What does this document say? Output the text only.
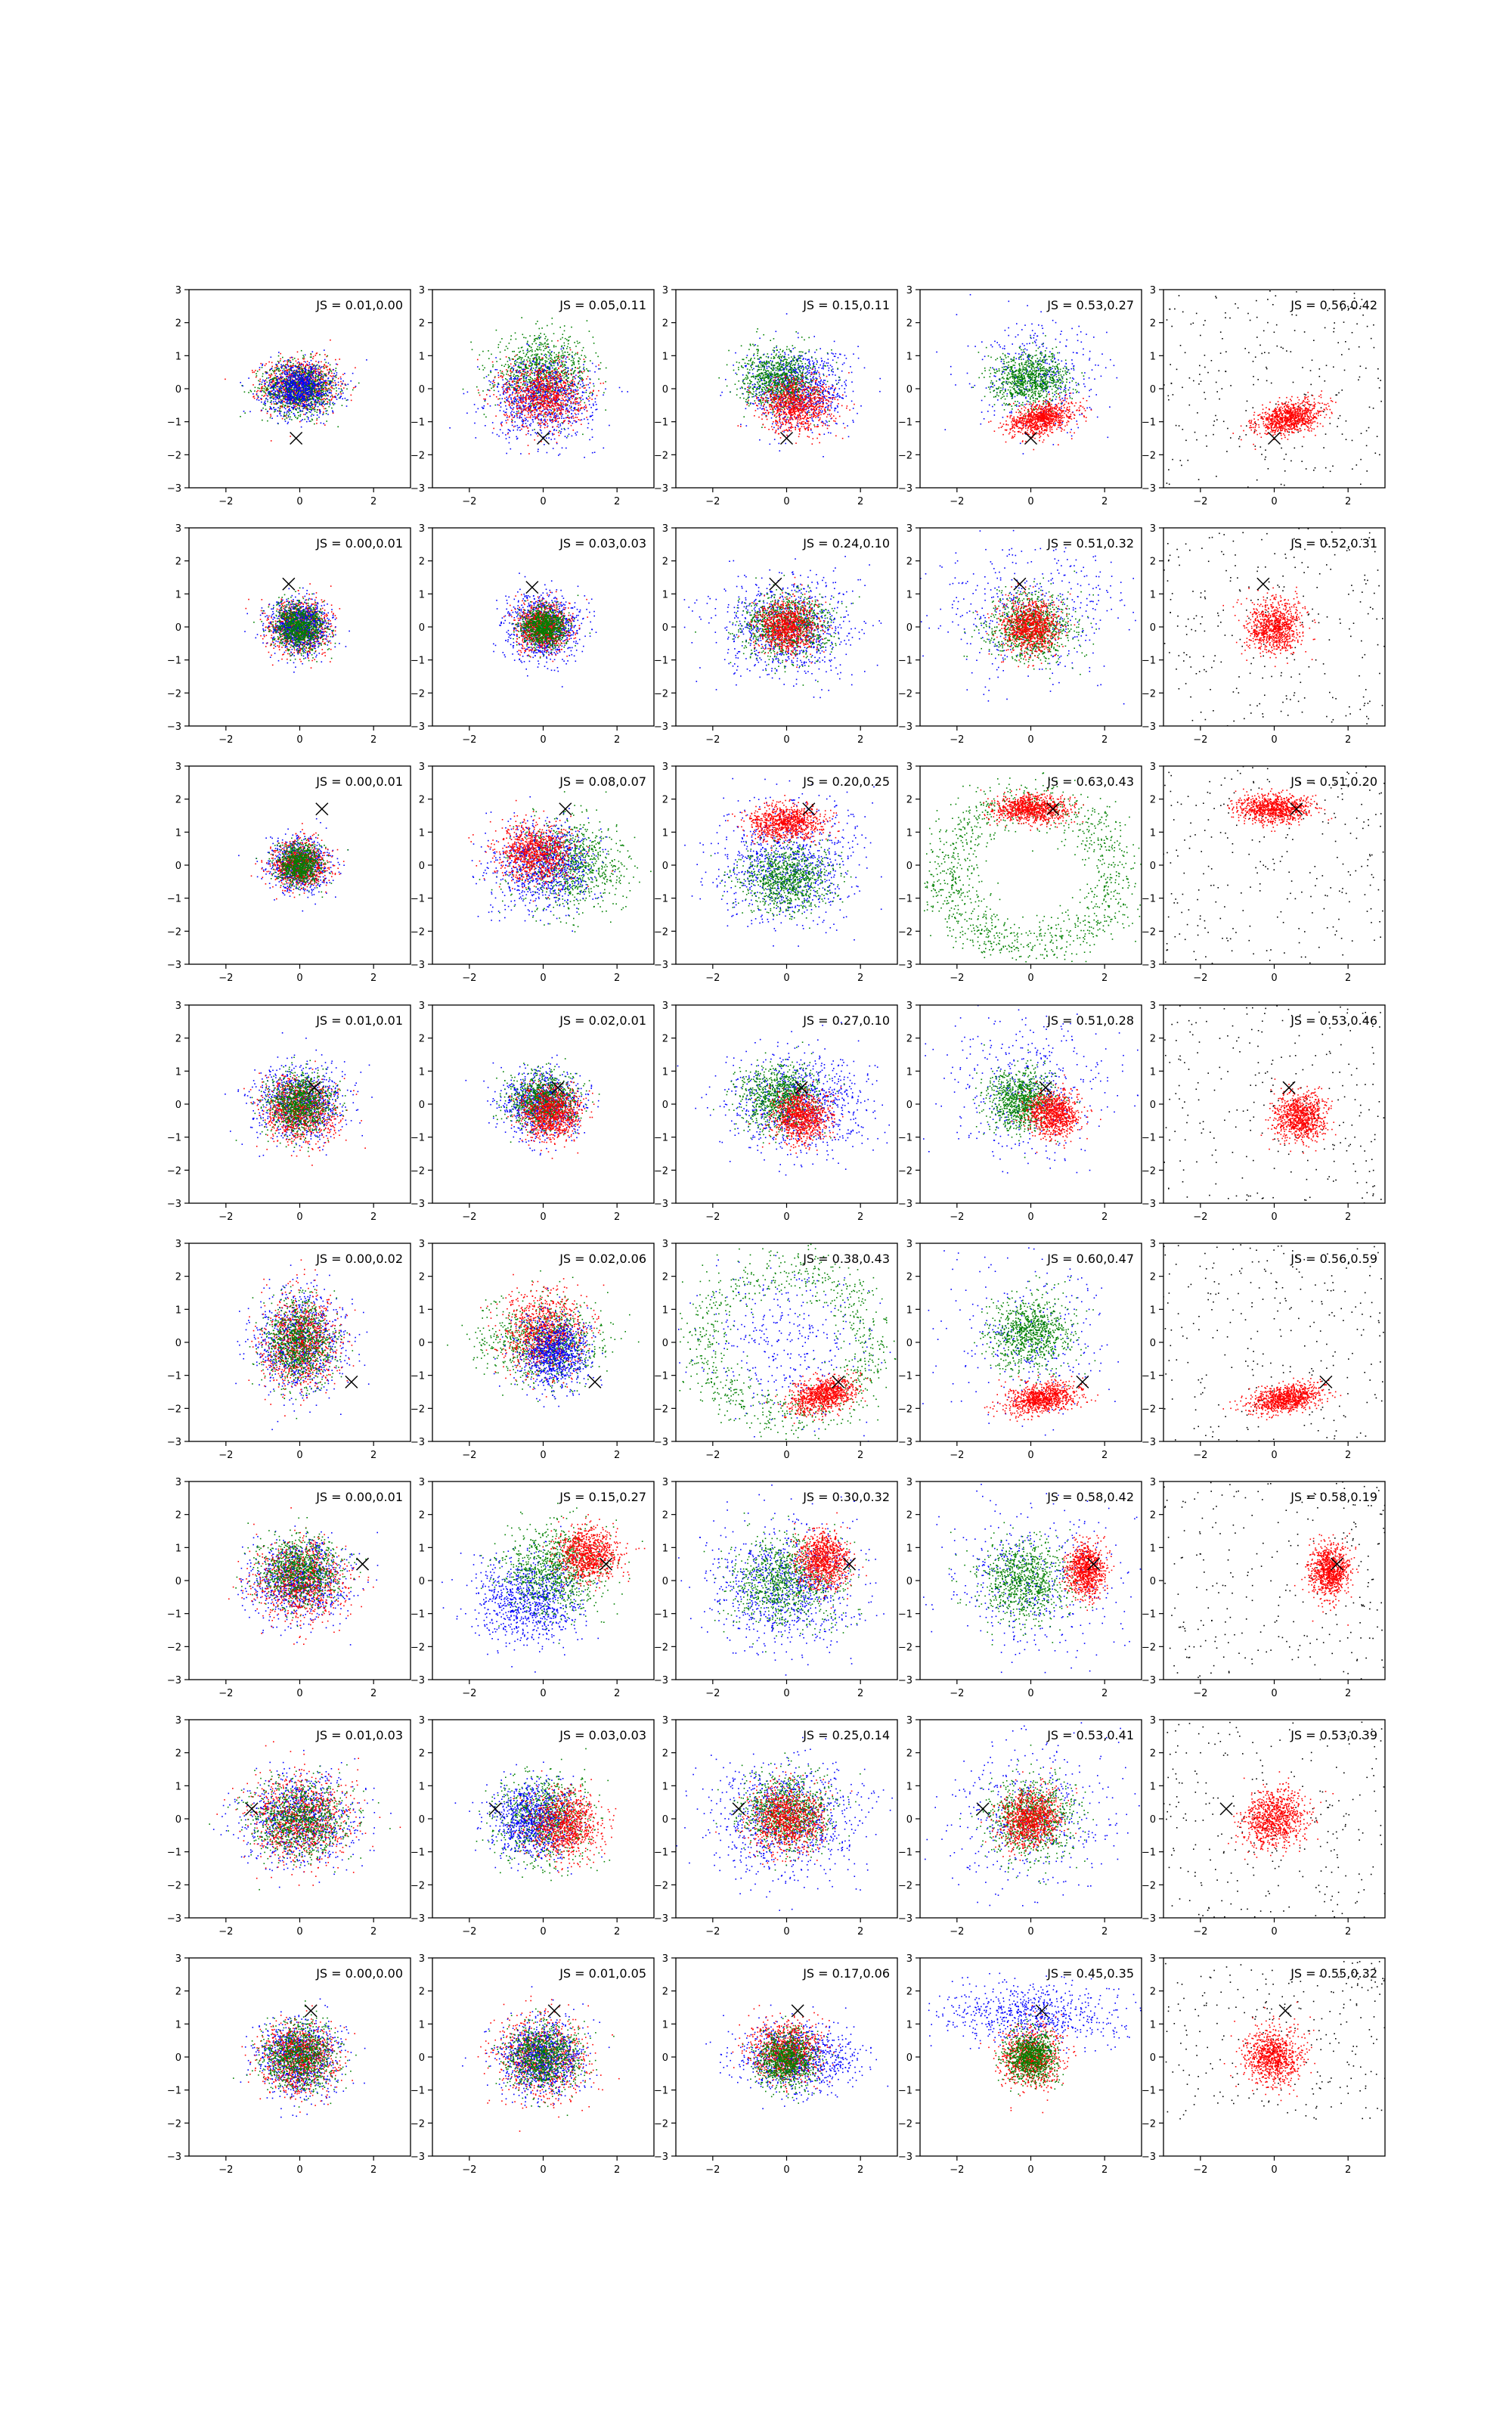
−2	0	2
−3
−2
−1
0
1
2
3
JS = 0.01,0.00
−2	0	2
−3
−2
−1
0
1
2
3
JS = 0.05,0.11
−2	0	2
−3
−2
−1
0
1
2
3
JS = 0.15,0.11
−2	0	2
−3
−2
−1
0
1
2
3
JS = 0.53,0.27
−2	0	2
−3
−2
−1
0
1
2
3
JS = 0.56,0.42
−2	0	2
−3
−2
−1
0
1
2
3
JS = 0.00,0.01
−2	0	2
−3
−2
−1
0
1
2
3
JS = 0.03,0.03
−2	0	2
−3
−2
−1
0
1
2
3
JS = 0.24,0.10
−2	0	2
−3
−2
−1
0
1
2
3
JS = 0.51,0.32
−2	0	2
−3
−2
−1
0
1
2
3
JS = 0.52,0.31
−2	0	2
−3
−2
−1
0
1
2
3
JS = 0.00,0.01
−2	0	2
−3
−2
−1
0
1
2
3
JS = 0.08,0.07
−2	0	2
−3
−2
−1
0
1
2
3
JS = 0.20,0.25
−2	0	2
−3
−2
−1
0
1
2
3
JS = 0.63,0.43
−2	0	2
−3
−2
−1
0
1
2
3
JS = 0.51,0.20
−2	0	2
−3
−2
−1
0
1
2
3
JS = 0.01,0.01
−2	0	2
−3
−2
−1
0
1
2
3
JS = 0.02,0.01
−2	0	2
−3
−2
−1
0
1
2
3
JS = 0.27,0.10
−2	0	2
−3
−2
−1
0
1
2
3
JS = 0.51,0.28
−2	0	2
−3
−2
−1
0
1
2
3
JS = 0.53,0.46
−2	0	2
−3
−2
−1
0
1
2
3
JS = 0.00,0.02
−2	0	2
−3
−2
−1
0
1
2
3
JS = 0.02,0.06
−2	0	2
−3
−2
−1
0
1
2
3
JS = 0.38,0.43
−2	0	2
−3
−2
−1
0
1
2
3
JS = 0.60,0.47
−2	0	2
−3
−2
−1
0
1
2
3
JS = 0.56,0.59
−2	0	2
−3
−2
−1
0
1
2
3
JS = 0.00,0.01
−2	0	2
−3
−2
−1
0
1
2
3
JS = 0.15,0.27
−2	0	2
−3
−2
−1
0
1
2
3
JS = 0.30,0.32
−2	0	2
−3
−2
−1
0
1
2
3
JS = 0.58,0.42
−2	0	2
−3
−2
−1
0
1
2
3
JS = 0.58,0.19
−2	0	2
−3
−2
−1
0
1
2
3
JS = 0.01,0.03
−2	0	2
−3
−2
−1
0
1
2
3
JS = 0.03,0.03
−2	0	2
−3
−2
−1
0
1
2
3
JS = 0.25,0.14
−2	0	2
−3
−2
−1
0
1
2
3
JS = 0.53,0.41
−2	0	2
−3
−2
−1
0
1
2
3
JS = 0.53,0.39
−2	0	2
−3
−2
−1
0
1
2
3
JS = 0.00,0.00
−2	0	2
−3
−2
−1
0
1
2
3
JS = 0.01,0.05
−2	0	2
−3
−2
−1
0
1
2
3
JS = 0.17,0.06
−2	0	2
−3
−2
−1
0
1
2
3
JS = 0.45,0.35
−2	0	2
−3
−2
−1
0
1
2
3
JS = 0.55,0.32
